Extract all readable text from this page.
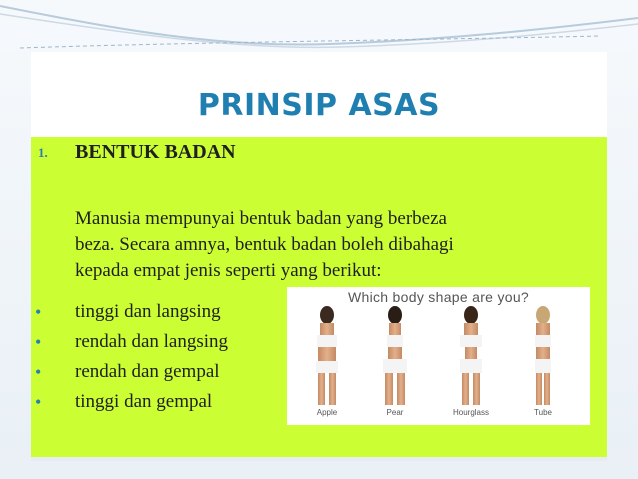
PRINSIP ASAS
1. BENTUK BADAN
Manusia mempunyai bentuk badan yang berbeza
beza. Secara amnya, bentuk badan boleh dibahagi
kepada empat jenis seperti yang berikut:
• tinggi dan langsing
• rendah dan langsing
• rendah dan gempal
• tinggi dan gempal
Which body shape are you?
Apple	Pear	Hourglass	Tube
